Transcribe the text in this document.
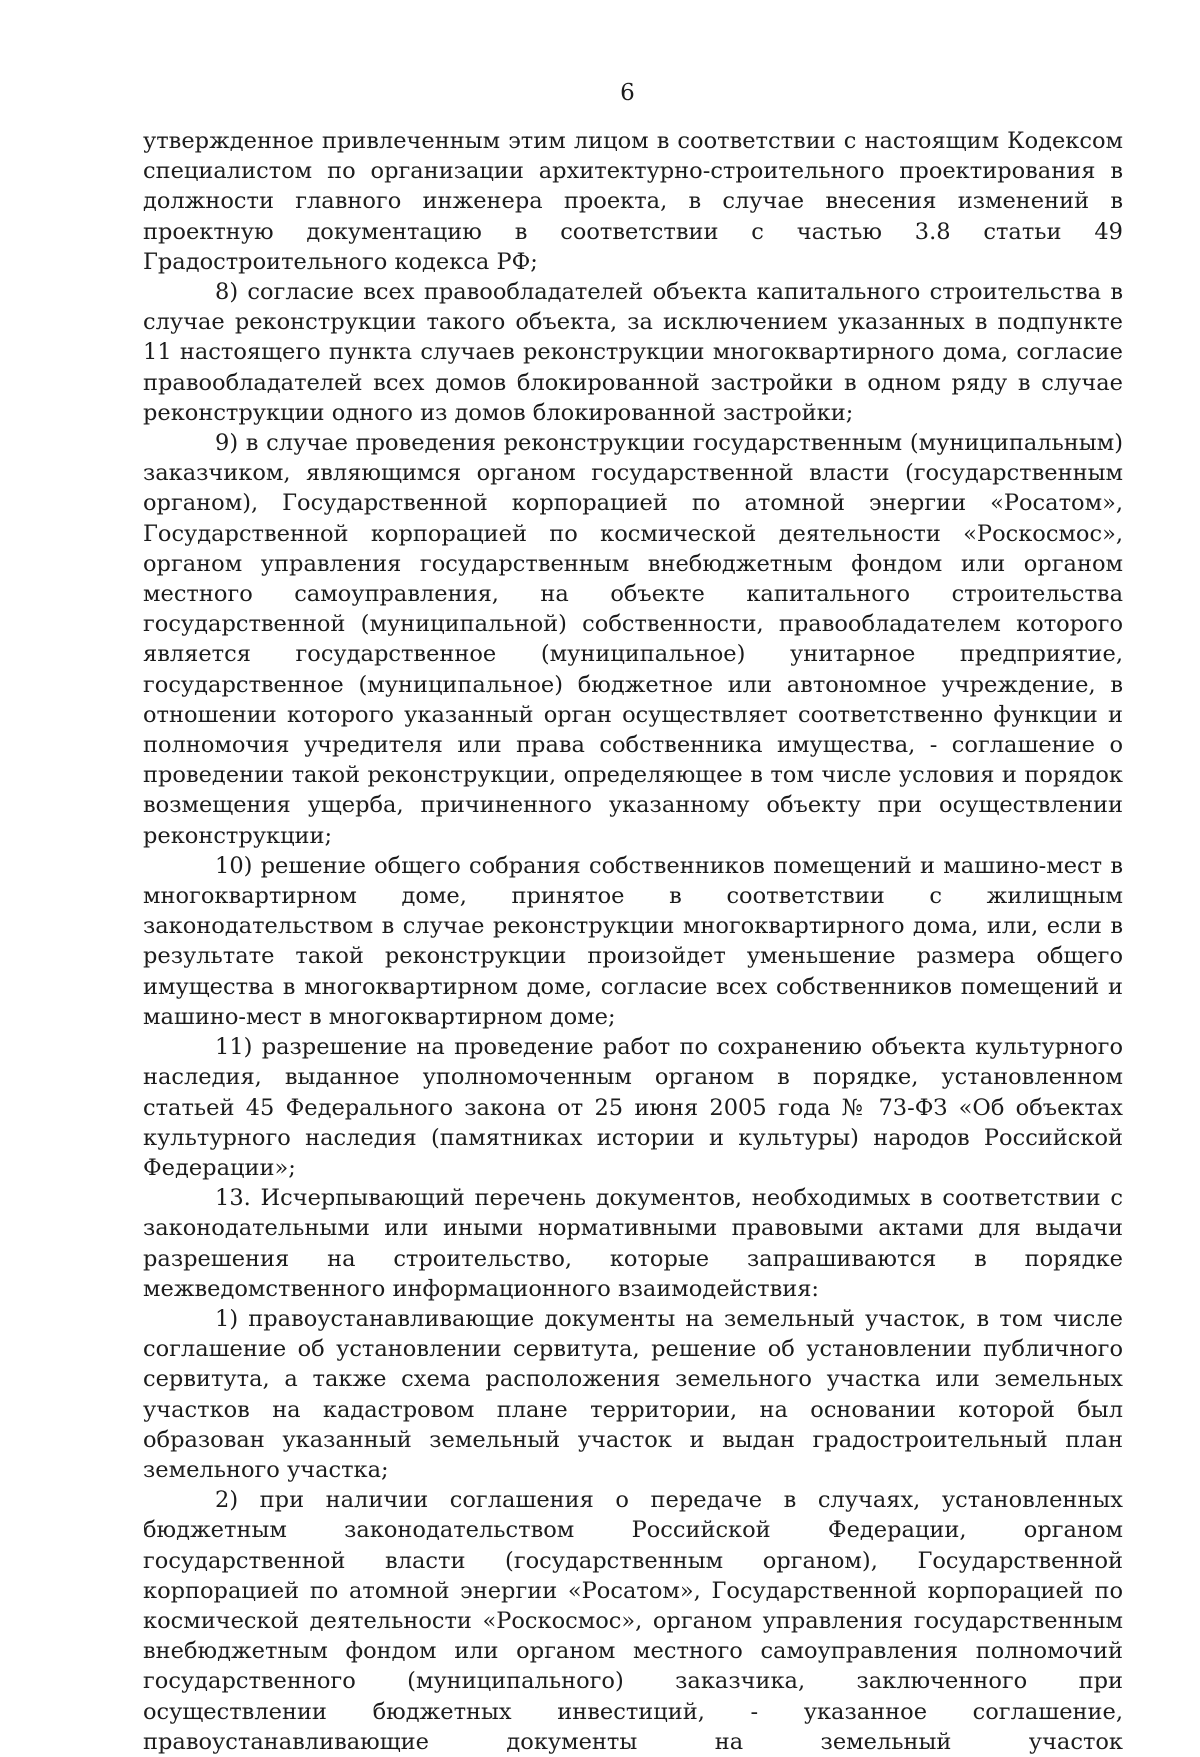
6

утвержденное привлеченным этим лицом в соответствии с настоящим Кодексом специалистом по организации архитектурно-строительного проектирования в должности главного инженера проекта, в случае внесения изменений в проектную документацию в соответствии с частью 3.8 статьи 49 Градостроительного кодекса РФ;

8) согласие всех правообладателей объекта капитального строительства в случае реконструкции такого объекта, за исключением указанных в подпункте 11 настоящего пункта случаев реконструкции многоквартирного дома, согласие правообладателей всех домов блокированной застройки в одном ряду в случае реконструкции одного из домов блокированной застройки;

9) в случае проведения реконструкции государственным (муниципальным) заказчиком, являющимся органом государственной власти (государственным органом), Государственной корпорацией по атомной энергии «Росатом», Государственной корпорацией по космической деятельности «Роскосмос», органом управления государственным внебюджетным фондом или органом местного самоуправления, на объекте капитального строительства государственной (муниципальной) собственности, правообладателем которого является государственное (муниципальное) унитарное предприятие, государственное (муниципальное) бюджетное или автономное учреждение, в отношении которого указанный орган осуществляет соответственно функции и полномочия учредителя или права собственника имущества, - соглашение о проведении такой реконструкции, определяющее в том числе условия и порядок возмещения ущерба, причиненного указанному объекту при осуществлении реконструкции;

10) решение общего собрания собственников помещений и машино-мест в многоквартирном доме, принятое в соответствии с жилищным законодательством в случае реконструкции многоквартирного дома, или, если в результате такой реконструкции произойдет уменьшение размера общего имущества в многоквартирном доме, согласие всех собственников помещений и машино-мест в многоквартирном доме;

11) разрешение на проведение работ по сохранению объекта культурного наследия, выданное уполномоченным органом в порядке, установленном статьей 45 Федерального закона от 25 июня 2005 года № 73-ФЗ «Об объектах культурного наследия (памятниках истории и культуры) народов Российской Федерации»;

13. Исчерпывающий перечень документов, необходимых в соответствии с законодательными или иными нормативными правовыми актами для выдачи разрешения на строительство, которые запрашиваются в порядке межведомственного информационного взаимодействия:

1) правоустанавливающие документы на земельный участок, в том числе соглашение об установлении сервитута, решение об установлении публичного сервитута, а также схема расположения земельного участка или земельных участков на кадастровом плане территории, на основании которой был образован указанный земельный участок и выдан градостроительный план земельного участка;

2) при наличии соглашения о передаче в случаях, установленных бюджетным законодательством Российской Федерации, органом государственной власти (государственным органом), Государственной корпорацией по атомной энергии «Росатом», Государственной корпорацией по космической деятельности «Роскосмос», органом управления государственным внебюджетным фондом или органом местного самоуправления полномочий государственного (муниципального) заказчика, заключенного при осуществлении бюджетных инвестиций, - указанное соглашение, правоустанавливающие документы на земельный участок
